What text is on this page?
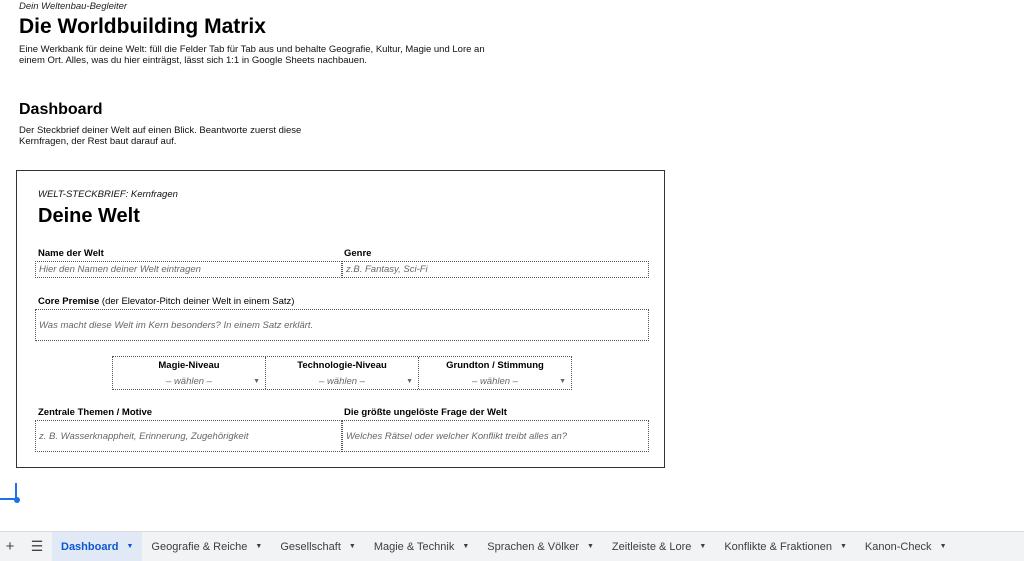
Dein Weltenbau-Begleiter
Die Worldbuilding Matrix
Eine Werkbank für deine Welt: füll die Felder Tab für Tab aus und behalte Geografie, Kultur, Magie und Lore an einem Ort. Alles, was du hier einträgst, lässt sich 1:1 in Google Sheets nachbauen.
Dashboard
Der Steckbrief deiner Welt auf einen Blick. Beantworte zuerst diese Kernfragen, der Rest baut darauf auf.
WELT-STECKBRIEF: Kernfragen
Deine Welt
Name der Welt
Hier den Namen deiner Welt eintragen
Genre
z.B. Fantasy, Sci-Fi
Core Premise (der Elevator-Pitch deiner Welt in einem Satz)
Was macht diese Welt im Kern besonders? In einem Satz erklärt.
Magie-Niveau
– wählen –	▼
Technologie-Niveau
– wählen –	▼
Grundton / Stimmung
– wählen –	▼
Zentrale Themen / Motive
z. B. Wasserknappheit, Erinnerung, Zugehörigkeit
Die größte ungelöste Frage der Welt
Welches Rätsel oder welcher Konflikt treibt alles an?
+	☰	Dashboard ▼ Geografie & Reiche ▼ Gesellschaft ▼ Magie & Technik ▼ Sprachen & Völker ▼ Zeitleiste & Lore ▼ Konflikte & Fraktionen ▼ Kanon-Check ▼
